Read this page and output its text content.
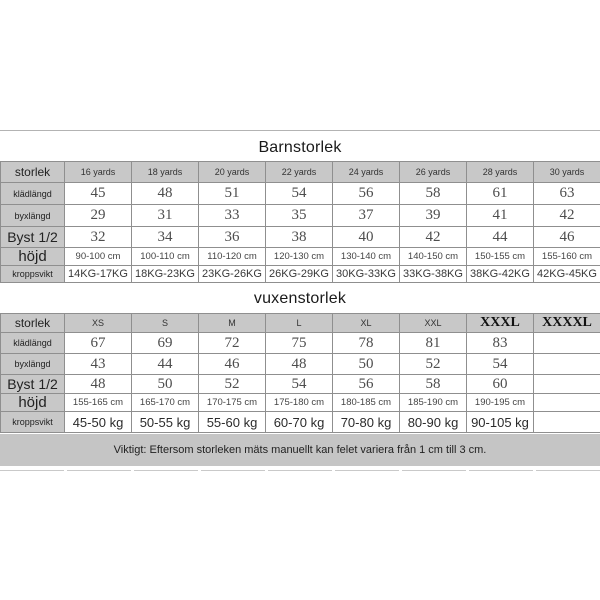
Barnstorlek
storlek	16 yards	18 yards	20 yards	22 yards	24 yards	26 yards	28 yards	30 yards
klädlängd	45	48	51	54	56	58	61	63
byxlängd	29	31	33	35	37	39	41	42
Byst 1/2	32	34	36	38	40	42	44	46
höjd	90-100 cm	100-110 cm	110-120 cm	120-130 cm	130-140 cm	140-150 cm	150-155 cm	155-160 cm
kroppsvikt	14KG-17KG	18KG-23KG	23KG-26KG	26KG-29KG	30KG-33KG	33KG-38KG	38KG-42KG	42KG-45KG
vuxenstorlek
storlek	XS	S	M	L	XL	XXL	XXXL	XXXXL
klädlängd	67	69	72	75	78	81	83	
byxlängd	43	44	46	48	50	52	54	
Byst 1/2	48	50	52	54	56	58	60	
höjd	155-165 cm	165-170 cm	170-175 cm	175-180 cm	180-185 cm	185-190 cm	190-195 cm	
kroppsvikt	45-50 kg	50-55 kg	55-60 kg	60-70 kg	70-80 kg	80-90 kg	90-105 kg	
Viktigt: Eftersom storleken mäts manuellt kan felet variera från 1 cm till 3 cm.
